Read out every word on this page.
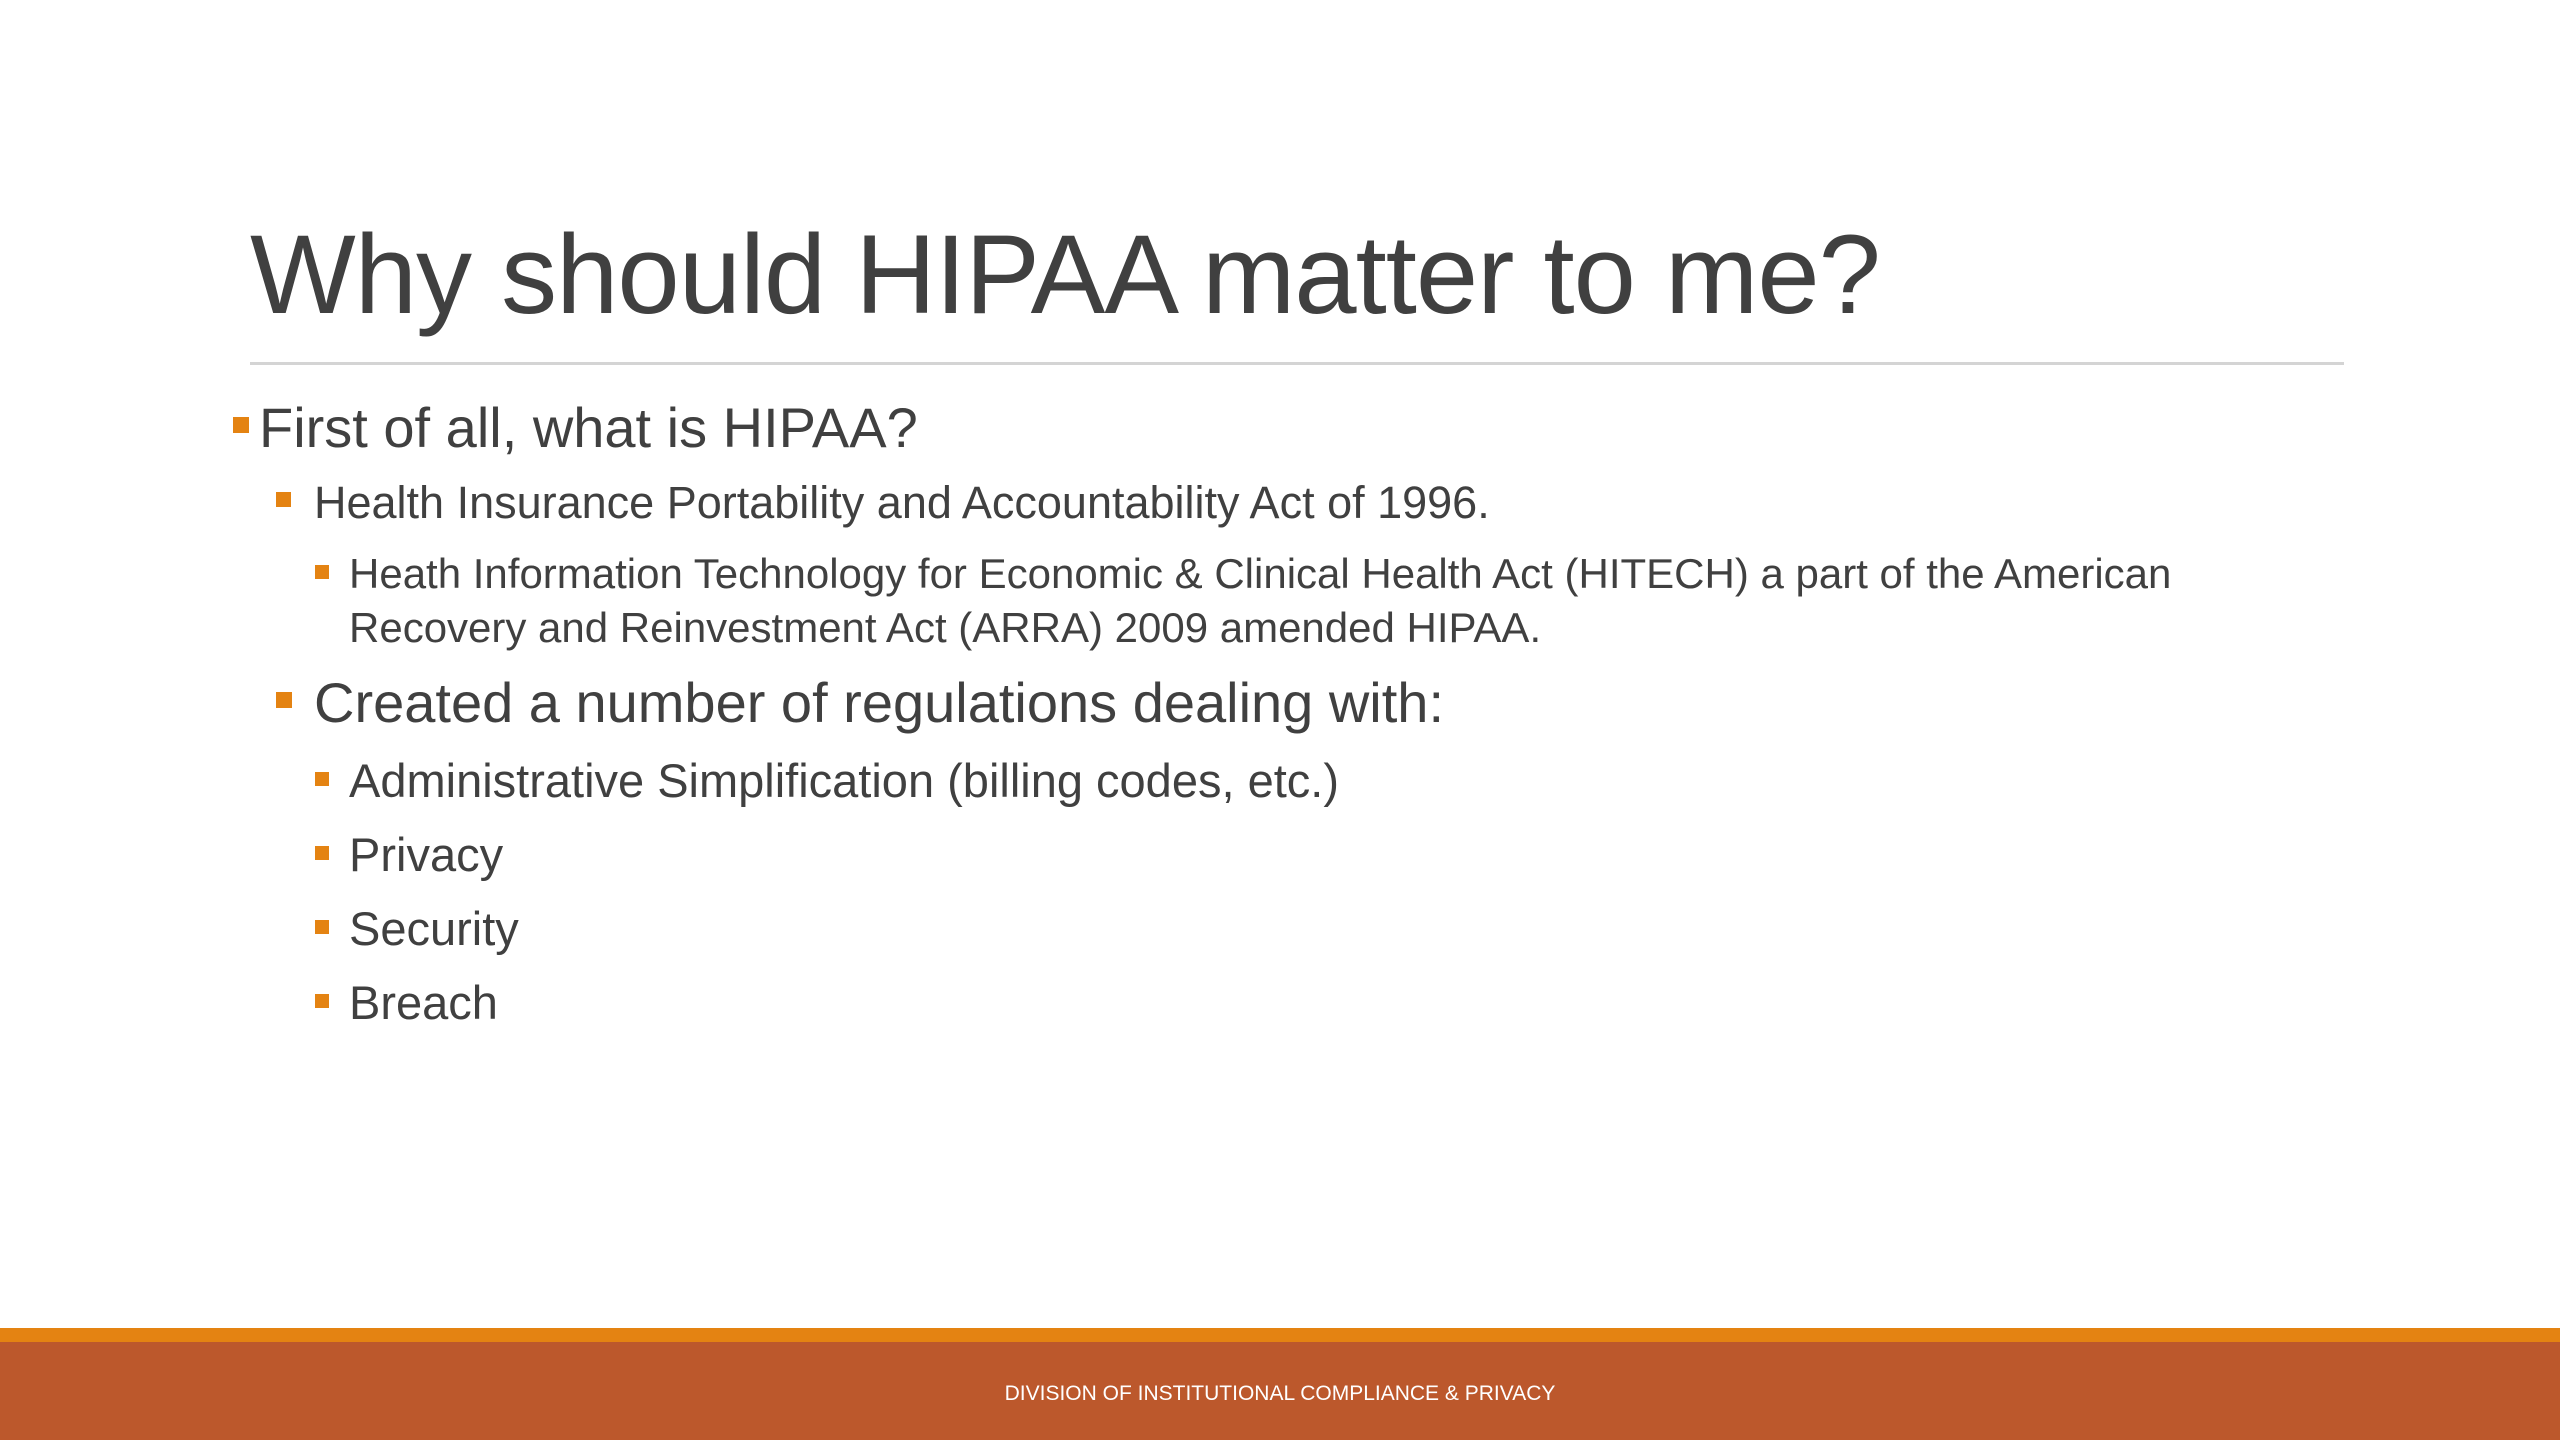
Why should HIPAA matter to me?
First of all, what is HIPAA?
Health Insurance Portability and Accountability Act of 1996.
Heath Information Technology for Economic & Clinical Health Act (HITECH) a part of the American Recovery and Reinvestment Act (ARRA) 2009 amended HIPAA.
Created a number of regulations dealing with:
Administrative Simplification (billing codes, etc.)
Privacy
Security
Breach
DIVISION OF INSTITUTIONAL COMPLIANCE & PRIVACY
